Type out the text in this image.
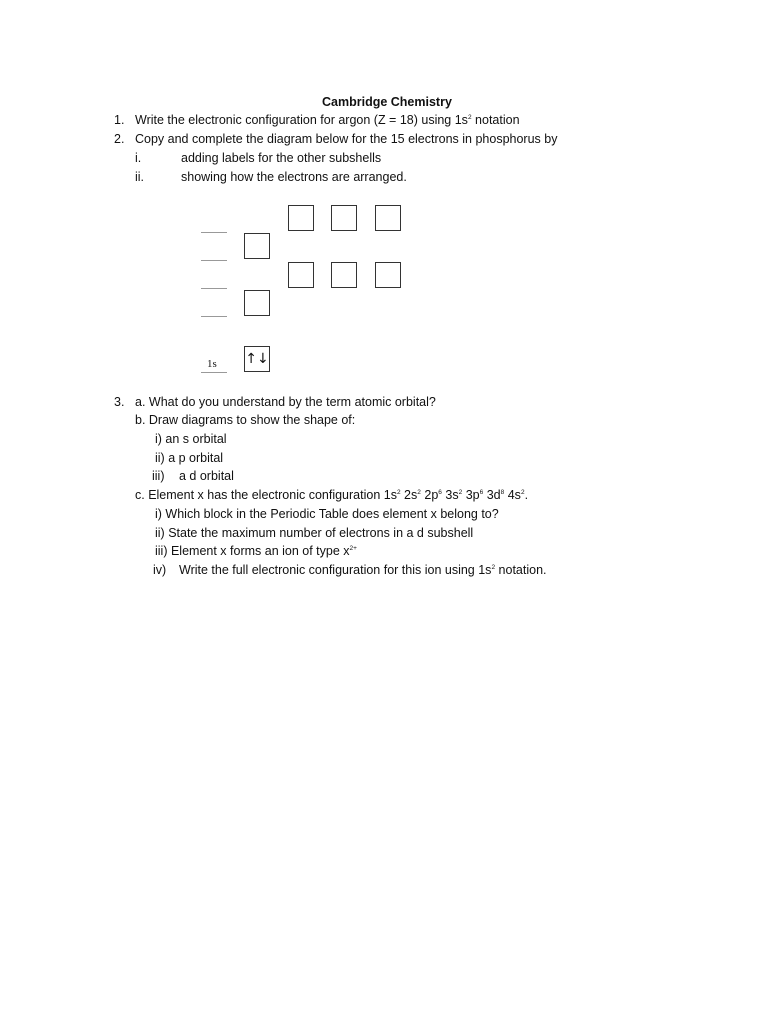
Cambridge Chemistry
1. Write the electronic configuration for argon (Z = 18) using $1s^2$ notation
2. Copy and complete the diagram below for the 15 electrons in phosphorus by
i.	adding labels for the other subshells
ii.	showing how the electrons are arranged.
1s ↑↓
3. a. What do you understand by the term atomic orbital?
b. Draw diagrams to show the shape of:
i) an s orbital
ii) a p orbital
iii) a d orbital
c. Element x has the electronic configuration $1s^2$ $2s^2$ $2p^6$ $3s^2$ $3p^6$ $3d^8$ $4s^2$.
i) Which block in the Periodic Table does element x belong to?
ii) State the maximum number of electrons in a d subshell
iii) Element x forms an ion of type $x^{2+}$
iv) Write the full electronic configuration for this ion using $1s^2$ notation.
